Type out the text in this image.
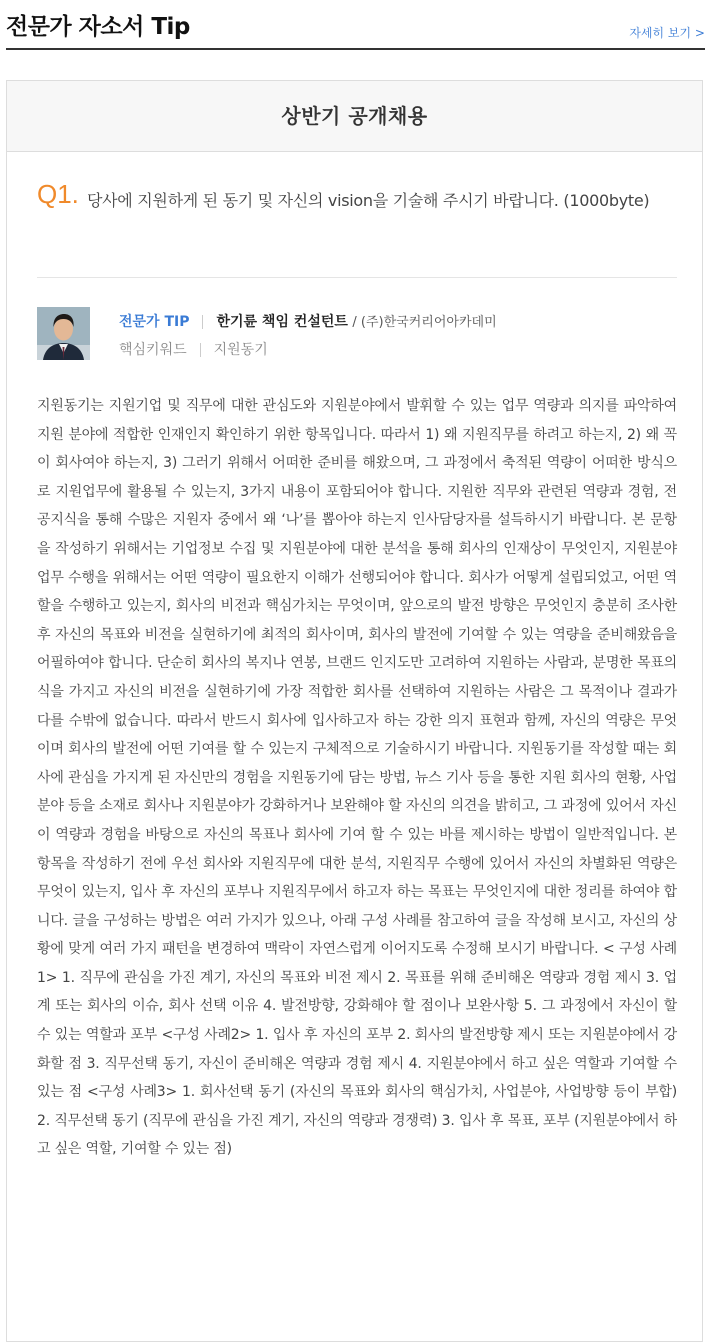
전문가 자소서 Tip	자세히 보기 >
상반기 공개채용
Q1. 당사에 지원하게 된 동기 및 자신의 vision을 기술해 주시기 바랍니다. (1000byte)
전문가 TIP 한기륜 책임 컨설턴트 / (주)한국커리어아카데미
핵심키워드 지원동기
지원동기는 지원기업 및 직무에 대한 관심도와 지원분야에서 발휘할 수 있는 업무 역량과 의지를 파악하여 지원 분야에 적합한 인재인지 확인하기 위한 항목입니다. 따라서 1) 왜 지원직무를 하려고 하는지, 2) 왜 꼭 이 회사여야 하는지, 3) 그러기 위해서 어떠한 준비를 해왔으며, 그 과정에서 축적된 역량이 어떠한 방식으로 지원업무에 활용될 수 있는지, 3가지 내용이 포함되어야 합니다. 지원한 직무와 관련된 역량과 경험, 전공지식을 통해 수많은 지원자 중에서 왜 ‘나’를 뽑아야 하는지 인사담당자를 설득하시기 바랍니다. 본 문항을 작성하기 위해서는 기업정보 수집 및 지원분야에 대한 분석을 통해 회사의 인재상이 무엇인지, 지원분야 업무 수행을 위해서는 어떤 역량이 필요한지 이해가 선행되어야 합니다. 회사가 어떻게 설립되었고, 어떤 역할을 수행하고 있는지, 회사의 비전과 핵심가치는 무엇이며, 앞으로의 발전 방향은 무엇인지 충분히 조사한 후 자신의 목표와 비전을 실현하기에 최적의 회사이며, 회사의 발전에 기여할 수 있는 역량을 준비해왔음을 어필하여야 합니다. 단순히 회사의 복지나 연봉, 브랜드 인지도만 고려하여 지원하는 사람과, 분명한 목표의식을 가지고 자신의 비전을 실현하기에 가장 적합한 회사를 선택하여 지원하는 사람은 그 목적이나 결과가 다를 수밖에 없습니다. 따라서 반드시 회사에 입사하고자 하는 강한 의지 표현과 함께, 자신의 역량은 무엇이며 회사의 발전에 어떤 기여를 할 수 있는지 구체적으로 기술하시기 바랍니다. 지원동기를 작성할 때는 회사에 관심을 가지게 된 자신만의 경험을 지원동기에 담는 방법, 뉴스 기사 등을 통한 지원 회사의 현황, 사업 분야 등을 소재로 회사나 지원분야가 강화하거나 보완해야 할 자신의 의견을 밝히고, 그 과정에 있어서 자신이 역량과 경험을 바탕으로 자신의 목표나 회사에 기여 할 수 있는 바를 제시하는 방법이 일반적입니다. 본 항목을 작성하기 전에 우선 회사와 지원직무에 대한 분석, 지원직무 수행에 있어서 자신의 차별화된 역량은 무엇이 있는지, 입사 후 자신의 포부나 지원직무에서 하고자 하는 목표는 무엇인지에 대한 정리를 하여야 합니다. 글을 구성하는 방법은 여러 가지가 있으나, 아래 구성 사례를 참고하여 글을 작성해 보시고, 자신의 상황에 맞게 여러 가지 패턴을 변경하여 맥락이 자연스럽게 이어지도록 수정해 보시기 바랍니다. < 구성 사례1> 1. 직무에 관심을 가진 계기, 자신의 목표와 비전 제시 2. 목표를 위해 준비해온 역량과 경험 제시 3. 업계 또는 회사의 이슈, 회사 선택 이유 4. 발전방향, 강화해야 할 점이나 보완사항 5. 그 과정에서 자신이 할 수 있는 역할과 포부 <구성 사례2> 1. 입사 후 자신의 포부 2. 회사의 발전방향 제시 또는 지원분야에서 강화할 점 3. 직무선택 동기, 자신이 준비해온 역량과 경험 제시 4. 지원분야에서 하고 싶은 역할과 기여할 수 있는 점 <구성 사례3> 1. 회사선택 동기 (자신의 목표와 회사의 핵심가치, 사업분야, 사업방향 등이 부합) 2. 직무선택 동기 (직무에 관심을 가진 계기, 자신의 역량과 경쟁력) 3. 입사 후 목표, 포부 (지원분야에서 하고 싶은 역할, 기여할 수 있는 점)
